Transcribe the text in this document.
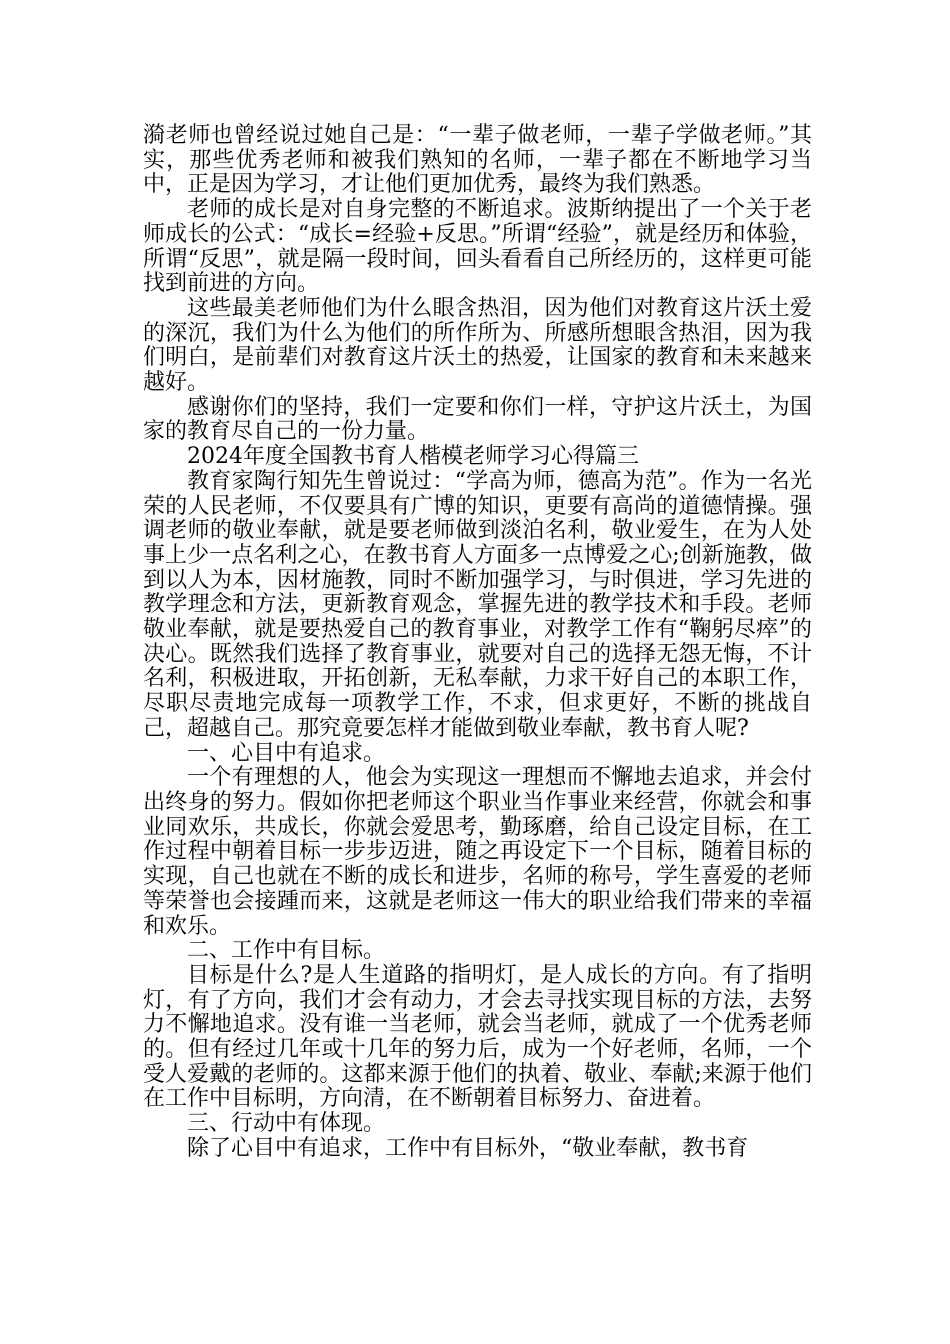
漪老师也曾经说过她自己是：“一辈子做老师，一辈子学做老师。”其实，那些优秀老师和被我们熟知的名师，一辈子都在不断地学习当中，正是因为学习，才让他们更加优秀，最终为我们熟悉。

老师的成长是对自身完整的不断追求。波斯纳提出了一个关于老师成长的公式：“成长=经验+反思。”所谓“经验”，就是经历和体验，所谓“反思”，就是隔一段时间，回头看看自己所经历的，这样更可能找到前进的方向。

这些最美老师他们为什么眼含热泪，因为他们对教育这片沃土爱的深沉，我们为什么为他们的所作所为、所感所想眼含热泪，因为我们明白，是前辈们对教育这片沃土的热爱，让国家的教育和未来越来越好。

感谢你们的坚持，我们一定要和你们一样，守护这片沃土，为国家的教育尽自己的一份力量。

2024年度全国教书育人楷模老师学习心得篇三

教育家陶行知先生曾说过：“学高为师，德高为范”。作为一名光荣的人民老师，不仅要具有广博的知识，更要有高尚的道德情操。强调老师的敬业奉献，就是要老师做到淡泊名利，敬业爱生，在为人处事上少一点名利之心，在教书育人方面多一点博爱之心;创新施教，做到以人为本，因材施教，同时不断加强学习，与时俱进，学习先进的教学理念和方法，更新教育观念，掌握先进的教学技术和手段。老师敬业奉献，就是要热爱自己的教育事业，对教学工作有“鞠躬尽瘁”的决心。既然我们选择了教育事业，就要对自己的选择无怨无悔，不计名利，积极进取，开拓创新，无私奉献，力求干好自己的本职工作，尽职尽责地完成每一项教学工作，不求，但求更好，不断的挑战自己，超越自己。那究竟要怎样才能做到敬业奉献，教书育人呢?

一、心目中有追求。

一个有理想的人，他会为实现这一理想而不懈地去追求，并会付出终身的努力。假如你把老师这个职业当作事业来经营，你就会和事业同欢乐，共成长，你就会爱思考，勤琢磨，给自己设定目标，在工作过程中朝着目标一步步迈进，随之再设定下一个目标，随着目标的实现，自己也就在不断的成长和进步，名师的称号，学生喜爱的老师等荣誉也会接踵而来，这就是老师这一伟大的职业给我们带来的幸福和欢乐。

二、工作中有目标。

目标是什么?是人生道路的指明灯，是人成长的方向。有了指明灯，有了方向，我们才会有动力，才会去寻找实现目标的方法，去努力不懈地追求。没有谁一当老师，就会当老师，就成了一个优秀老师的。但有经过几年或十几年的努力后，成为一个好老师，名师，一个受人爱戴的老师的。这都来源于他们的执着、敬业、奉献;来源于他们在工作中目标明，方向清，在不断朝着目标努力、奋进着。

三、行动中有体现。

除了心目中有追求，工作中有目标外，“敬业奉献，教书育
